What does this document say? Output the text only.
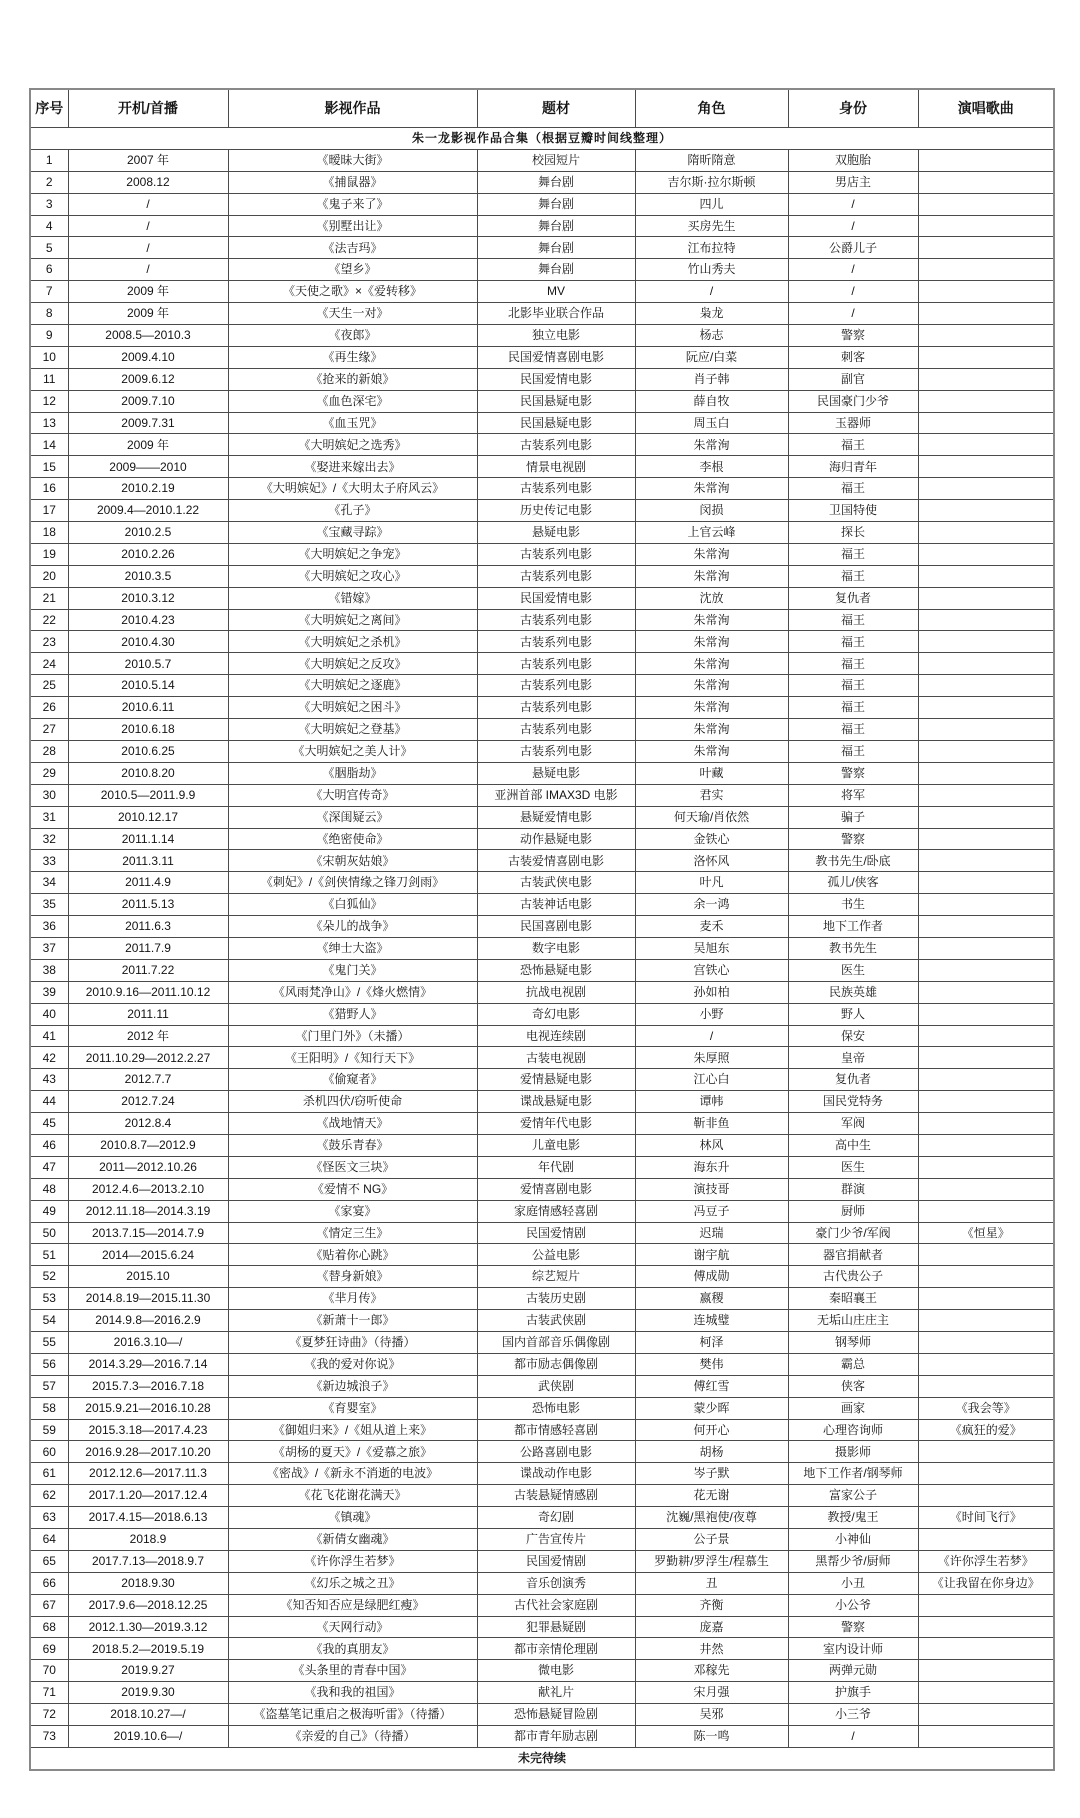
朱一龙影视作品合集（根据豆瓣时间线整理）						
序号	开机/首播	影视作品	题材	角色	身份	演唱歌曲
1	2007 年	《暧昧大街》	校园短片	隋昕隋意	双胞胎	
2	2008.12	《捕鼠器》	舞台剧	吉尔斯·拉尔斯顿	男店主	
3	/	《鬼子来了》	舞台剧	四儿	/	
4	/	《别墅出让》	舞台剧	买房先生	/	
5	/	《法吉玛》	舞台剧	江布拉特	公爵儿子	
6	/	《望乡》	舞台剧	竹山秀夫	/	
7	2009 年	《天使之歌》×《爱转移》	MV	/	/	
8	2009 年	《天生一对》	北影毕业联合作品	枭龙	/	
9	2008.5—2010.3	《夜郎》	独立电影	杨志	警察	
10	2009.4.10	《再生缘》	民国爱情喜剧电影	阮应/白菜	刺客	
11	2009.6.12	《抢来的新娘》	民国爱情电影	肖子韩	副官	
12	2009.7.10	《血色深宅》	民国悬疑电影	薛自牧	民国豪门少爷	
13	2009.7.31	《血玉咒》	民国悬疑电影	周玉白	玉器师	
14	2009 年	《大明嫔妃之选秀》	古装系列电影	朱常洵	福王	
15	2009——2010	《娶进来嫁出去》	情景电视剧	李根	海归青年	
16	2010.2.19	《大明嫔妃》/《大明太子府风云》	古装系列电影	朱常洵	福王	
17	2009.4—2010.1.22	《孔子》	历史传记电影	闵损	卫国特使	
18	2010.2.5	《宝藏寻踪》	悬疑电影	上官云峰	探长	
19	2010.2.26	《大明嫔妃之争宠》	古装系列电影	朱常洵	福王	
20	2010.3.5	《大明嫔妃之攻心》	古装系列电影	朱常洵	福王	
21	2010.3.12	《错嫁》	民国爱情电影	沈放	复仇者	
22	2010.4.23	《大明嫔妃之离间》	古装系列电影	朱常洵	福王	
23	2010.4.30	《大明嫔妃之杀机》	古装系列电影	朱常洵	福王	
24	2010.5.7	《大明嫔妃之反攻》	古装系列电影	朱常洵	福王	
25	2010.5.14	《大明嫔妃之逐鹿》	古装系列电影	朱常洵	福王	
26	2010.6.11	《大明嫔妃之困斗》	古装系列电影	朱常洵	福王	
27	2010.6.18	《大明嫔妃之登基》	古装系列电影	朱常洵	福王	
28	2010.6.25	《大明嫔妃之美人计》	古装系列电影	朱常洵	福王	
29	2010.8.20	《胭脂劫》	悬疑电影	叶藏	警察	
30	2010.5—2011.9.9	《大明宫传奇》	亚洲首部 IMAX3D 电影	君实	将军	
31	2010.12.17	《深闺疑云》	悬疑爱情电影	何天瑜/肖依然	骗子	
32	2011.1.14	《绝密使命》	动作悬疑电影	金铁心	警察	
33	2011.3.11	《宋朝灰姑娘》	古装爱情喜剧电影	洛怀风	教书先生/卧底	
34	2011.4.9	《刺妃》/《剑侠情缘之锋刀剑雨》	古装武侠电影	叶凡	孤儿/侠客	
35	2011.5.13	《白狐仙》	古装神话电影	余一鸿	书生	
36	2011.6.3	《朵儿的战争》	民国喜剧电影	麦禾	地下工作者	
37	2011.7.9	《绅士大盗》	数字电影	吴旭东	教书先生	
38	2011.7.22	《鬼门关》	恐怖悬疑电影	宫铁心	医生	
39	2010.9.16—2011.10.12	《风雨梵净山》/《烽火燃情》	抗战电视剧	孙如柏	民族英雄	
40	2011.11	《猎野人》	奇幻电影	小野	野人	
41	2012 年	《门里门外》（未播）	电视连续剧	/	保安	
42	2011.10.29—2012.2.27	《王阳明》/《知行天下》	古装电视剧	朱厚照	皇帝	
43	2012.7.7	《偷窥者》	爱情悬疑电影	江心白	复仇者	
44	2012.7.24	杀机四伏/窃听使命	谍战悬疑电影	谭帏	国民党特务	
45	2012.8.4	《战地情天》	爱情年代电影	靳非鱼	军阀	
46	2010.8.7—2012.9	《鼓乐青春》	儿童电影	林风	高中生	
47	2011—2012.10.26	《怪医文三块》	年代剧	海东升	医生	
48	2012.4.6—2013.2.10	《爱情不 NG》	爱情喜剧电影	演技哥	群演	
49	2012.11.18—2014.3.19	《家宴》	家庭情感轻喜剧	冯豆子	厨师	
50	2013.7.15—2014.7.9	《情定三生》	民国爱情剧	迟瑞	豪门少爷/军阀	《恒星》
51	2014—2015.6.24	《贴着你心跳》	公益电影	谢宇航	器官捐献者	
52	2015.10	《替身新娘》	综艺短片	傅成勋	古代贵公子	
53	2014.8.19—2015.11.30	《芈月传》	古装历史剧	嬴稷	秦昭襄王	
54	2014.9.8—2016.2.9	《新萧十一郎》	古装武侠剧	连城璧	无垢山庄庄主	
55	2016.3.10—/	《夏梦狂诗曲》（待播）	国内首部音乐偶像剧	柯泽	钢琴师	
56	2014.3.29—2016.7.14	《我的爱对你说》	都市励志偶像剧	樊伟	霸总	
57	2015.7.3—2016.7.18	《新边城浪子》	武侠剧	傅红雪	侠客	
58	2015.9.21—2016.10.28	《育婴室》	恐怖电影	蒙少晖	画家	《我会等》
59	2015.3.18—2017.4.23	《御姐归来》/《姐从道上来》	都市情感轻喜剧	何开心	心理咨询师	《疯狂的爱》
60	2016.9.28—2017.10.20	《胡杨的夏天》/《爱慕之旅》	公路喜剧电影	胡杨	摄影师	
61	2012.12.6—2017.11.3	《密战》/《新永不消逝的电波》	谍战动作电影	岑子默	地下工作者/钢琴师	
62	2017.1.20—2017.12.4	《花飞花谢花满天》	古装悬疑情感剧	花无谢	富家公子	
63	2017.4.15—2018.6.13	《镇魂》	奇幻剧	沈巍/黑袍使/夜尊	教授/鬼王	《时间飞行》
64	2018.9	《新倩女幽魂》	广告宣传片	公子景	小神仙	
65	2017.7.13—2018.9.7	《许你浮生若梦》	民国爱情剧	罗勤耕/罗浮生/程慕生	黑帮少爷/厨师	《许你浮生若梦》
66	2018.9.30	《幻乐之城之丑》	音乐创演秀	丑	小丑	《让我留在你身边》
67	2017.9.6—2018.12.25	《知否知否应是绿肥红瘦》	古代社会家庭剧	齐衡	小公爷	
68	2012.1.30—2019.3.12	《天网行动》	犯罪悬疑剧	庞嘉	警察	
69	2018.5.2—2019.5.19	《我的真朋友》	都市亲情伦理剧	井然	室内设计师	
70	2019.9.27	《头条里的青春中国》	微电影	邓稼先	两弹元勋	
71	2019.9.30	《我和我的祖国》	献礼片	宋月强	护旗手	
72	2018.10.27—/	《盗墓笔记重启之极海听雷》（待播）	恐怖悬疑冒险剧	吴邪	小三爷	
73	2019.10.6—/	《亲爱的自己》（待播）	都市青年励志剧	陈一鸣	/	
未完待续						
